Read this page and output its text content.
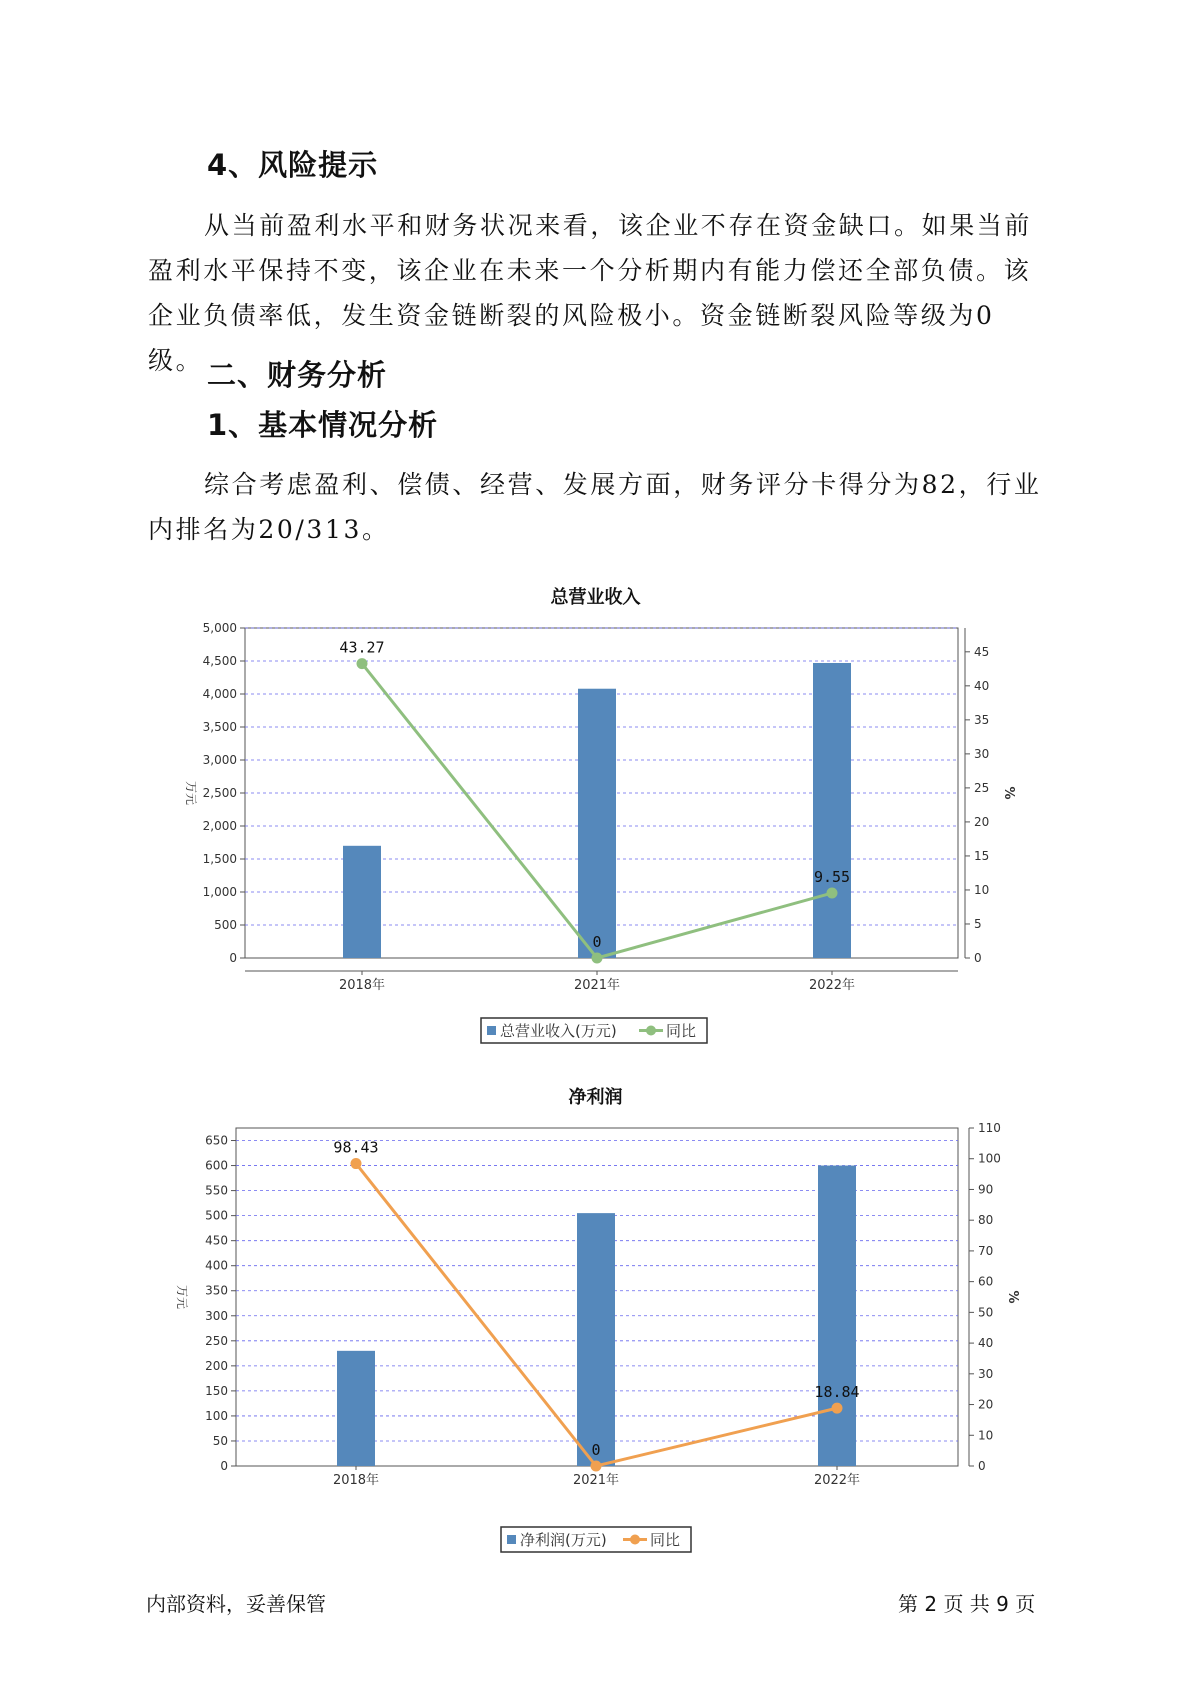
4、风险提示

从当前盈利水平和财务状况来看，该企业不存在资金缺口。如果当前盈利水平保持不变，该企业在未来一个分析期内有能力偿还全部负债。该企业负债率低，发生资金链断裂的风险极小。资金链断裂风险等级为0级。 二、财务分析
1、基本情况分析

综合考虑盈利、偿债、经营、发展方面，财务评分卡得分为82，行业内排名为20/313。

总营业收入
0
500
1,000
1,500
2,000
2,500
3,000
3,500
4,000
4,500
5,000
0
5
10
15
20
25
30
35
40
45
万元	%
2018年	2021年	2022年
43.27
0
9.55
总营业收入(万元)	同比
净利润
0
50
100
150
200
250
300
350
400
450
500
550
600
650
0
10
20
30
40
50
60
70
80
90
100
110
万元	%
2018年	2021年	2022年
98.43
0
18.84
净利润(万元)	同比
内部资料，妥善保管	第 2 页 共 9 页
